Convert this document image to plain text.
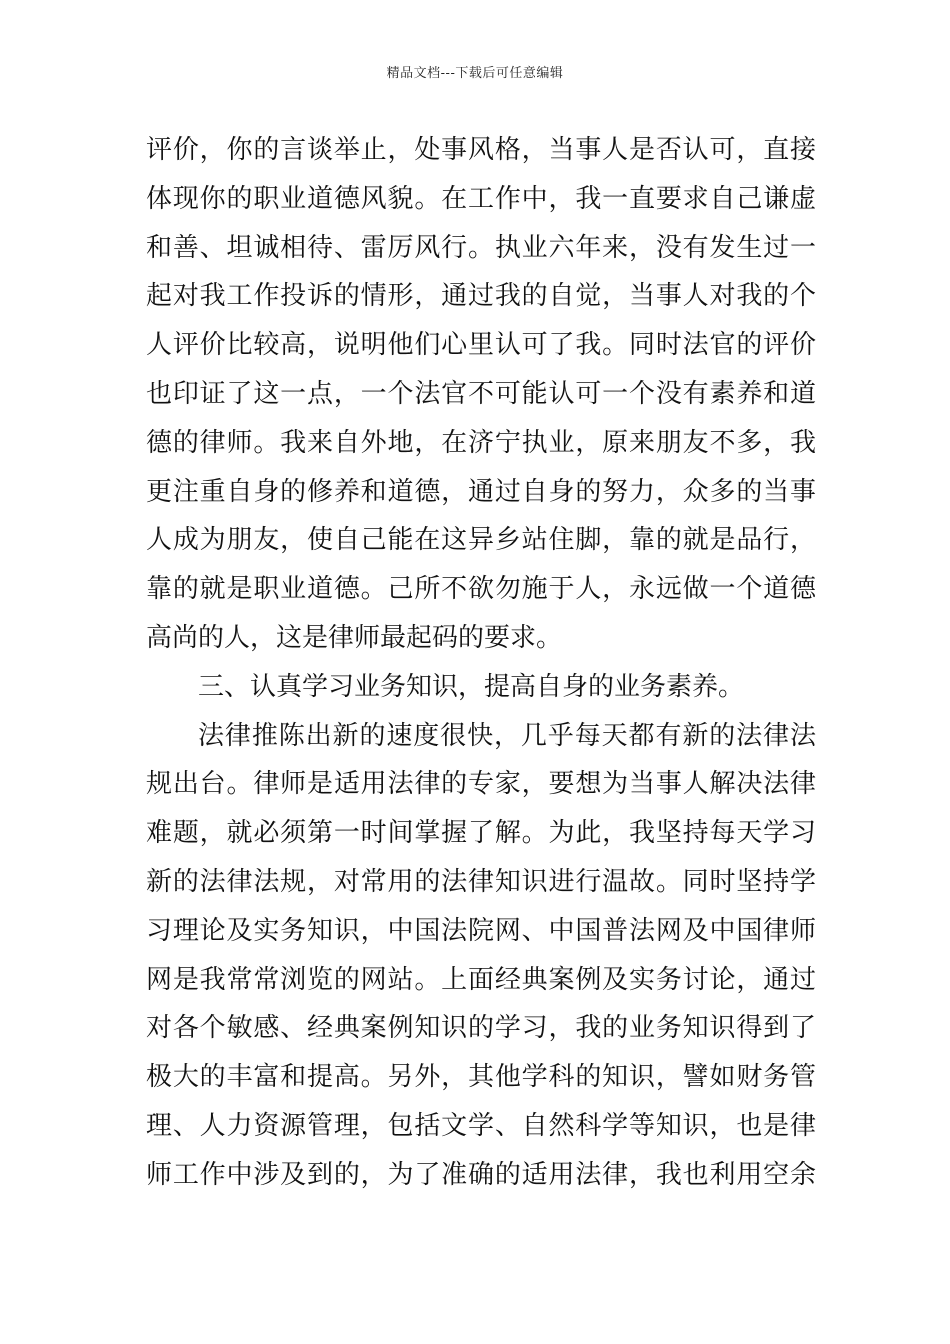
精品文档---下载后可任意编辑
评价，你的言谈举止，处事风格，当事人是否认可，直接
体现你的职业道德风貌。在工作中，我一直要求自己谦虚
和善、坦诚相待、雷厉风行。执业六年来，没有发生过一
起对我工作投诉的情形，通过我的自觉，当事人对我的个
人评价比较高，说明他们心里认可了我。同时法官的评价
也印证了这一点，一个法官不可能认可一个没有素养和道
德的律师。我来自外地，在济宁执业，原来朋友不多，我
更注重自身的修养和道德，通过自身的努力，众多的当事
人成为朋友，使自己能在这异乡站住脚，靠的就是品行，
靠的就是职业道德。己所不欲勿施于人，永远做一个道德
高尚的人，这是律师最起码的要求。
三、认真学习业务知识，提高自身的业务素养。
法律推陈出新的速度很快，几乎每天都有新的法律法
规出台。律师是适用法律的专家，要想为当事人解决法律
难题，就必须第一时间掌握了解。为此，我坚持每天学习
新的法律法规，对常用的法律知识进行温故。同时坚持学
习理论及实务知识，中国法院网、中国普法网及中国律师
网是我常常浏览的网站。上面经典案例及实务讨论，通过
对各个敏感、经典案例知识的学习，我的业务知识得到了
极大的丰富和提高。另外，其他学科的知识，譬如财务管
理、人力资源管理，包括文学、自然科学等知识，也是律
师工作中涉及到的，为了准确的适用法律，我也利用空余
